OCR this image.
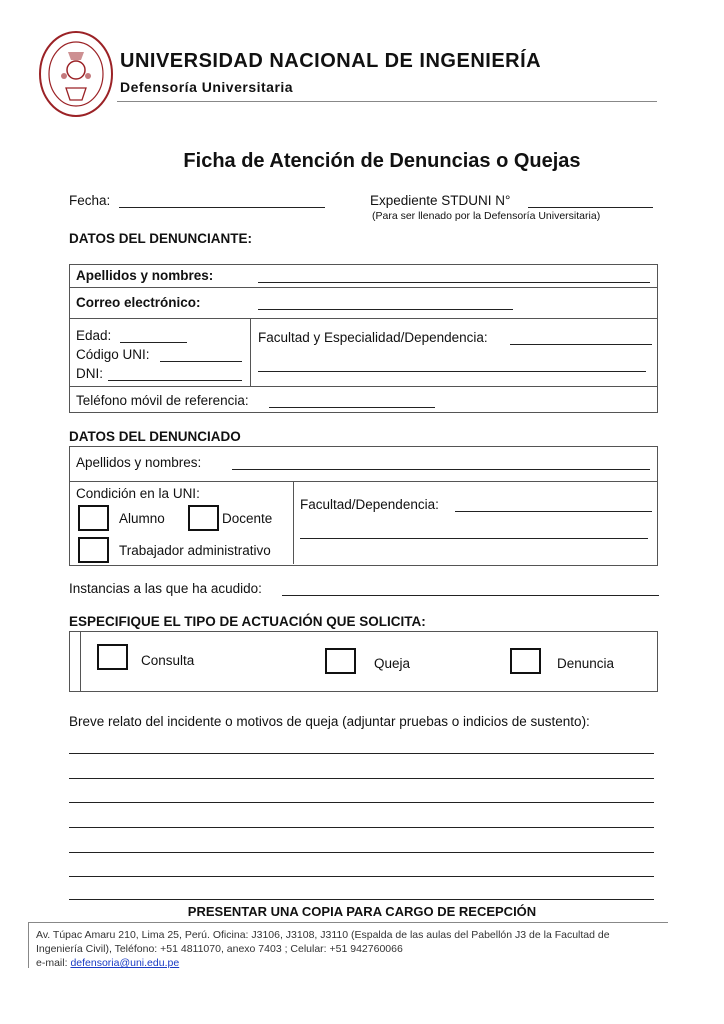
UNIVERSIDAD NACIONAL DE INGENIERÍA
Defensoría Universitaria
Ficha de Atención de Denuncias o Quejas
Fecha:	Expediente STDUNI N°
(Para ser llenado por la Defensoría Universitaria)
DATOS DEL DENUNCIANTE:
Apellidos y nombres:
Correo electrónico:
Edad:
Código UNI:
DNI:
Facultad y Especialidad/Dependencia:
Teléfono móvil de referencia:
DATOS DEL DENUNCIADO
Apellidos y nombres:
Condición en la UNI:
Alumno	Docente
Trabajador administrativo
Facultad/Dependencia:
Instancias a las que ha acudido:
ESPECIFIQUE EL TIPO DE ACTUACIÓN QUE SOLICITA:
Consulta	Queja	Denuncia
Breve relato del incidente o motivos de queja (adjuntar pruebas o indicios de sustento):
PRESENTAR UNA COPIA PARA CARGO DE RECEPCIÓN
Av. Túpac Amaru 210, Lima 25, Perú. Oficina: J3106, J3108, J3110 (Espalda de las aulas del Pabellón J3 de la Facultad de
Ingeniería Civil), Teléfono: +51 4811070, anexo 7403 ; Celular: +51 942760066
e-mail: defensoria@uni.edu.pe
